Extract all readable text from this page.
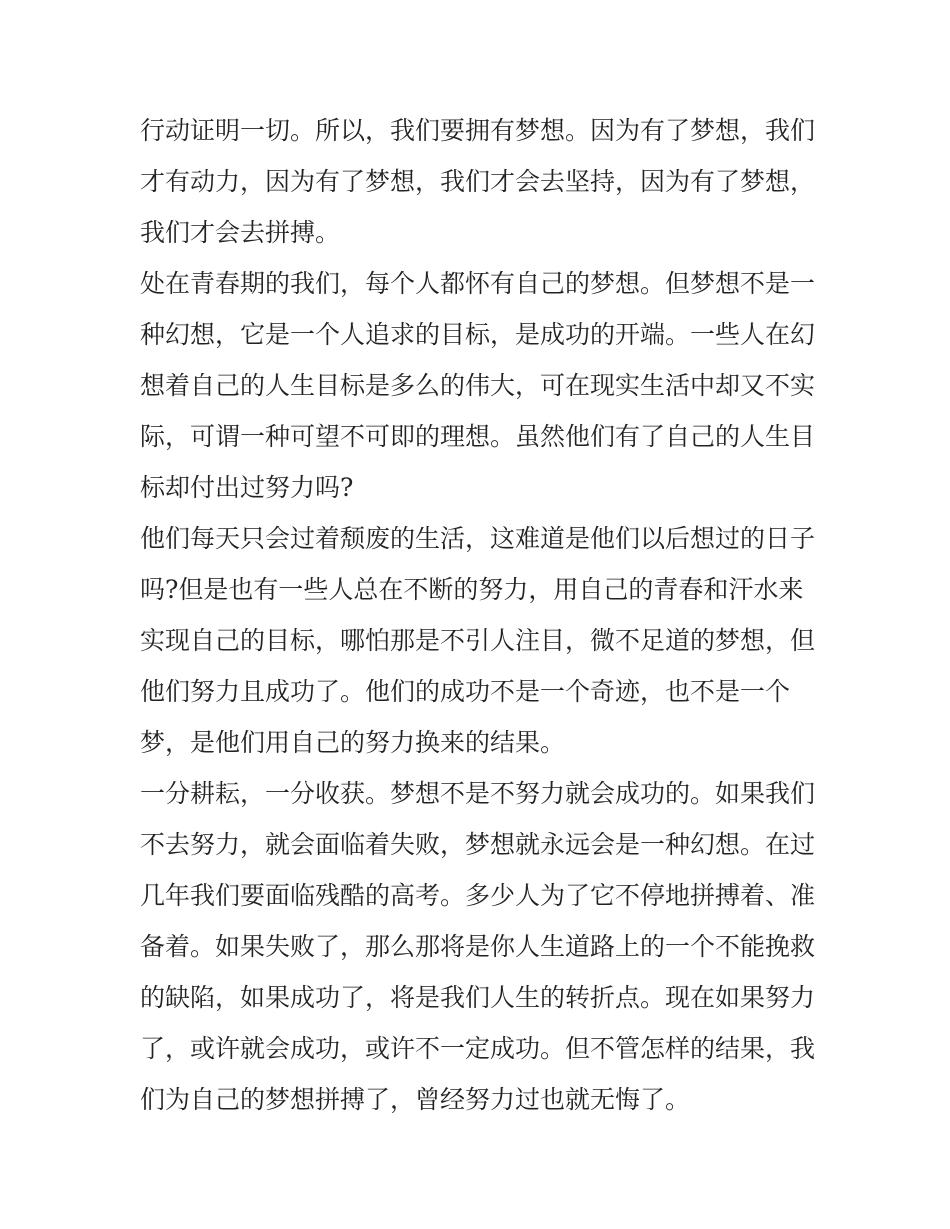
行动证明一切。所以，我们要拥有梦想。因为有了梦想，我们
才有动力，因为有了梦想，我们才会去坚持，因为有了梦想，
我们才会去拼搏。
处在青春期的我们，每个人都怀有自己的梦想。但梦想不是一
种幻想，它是一个人追求的目标，是成功的开端。一些人在幻
想着自己的人生目标是多么的伟大，可在现实生活中却又不实
际，可谓一种可望不可即的理想。虽然他们有了自己的人生目
标却付出过努力吗?
他们每天只会过着颓废的生活，这难道是他们以后想过的日子
吗?但是也有一些人总在不断的努力，用自己的青春和汗水来
实现自己的目标，哪怕那是不引人注目，微不足道的梦想，但
他们努力且成功了。他们的成功不是一个奇迹，也不是一个
梦，是他们用自己的努力换来的结果。
一分耕耘，一分收获。梦想不是不努力就会成功的。如果我们
不去努力，就会面临着失败，梦想就永远会是一种幻想。在过
几年我们要面临残酷的高考。多少人为了它不停地拼搏着、准
备着。如果失败了，那么那将是你人生道路上的一个不能挽救
的缺陷，如果成功了，将是我们人生的转折点。现在如果努力
了，或许就会成功，或许不一定成功。但不管怎样的结果，我
们为自己的梦想拼搏了，曾经努力过也就无悔了。
